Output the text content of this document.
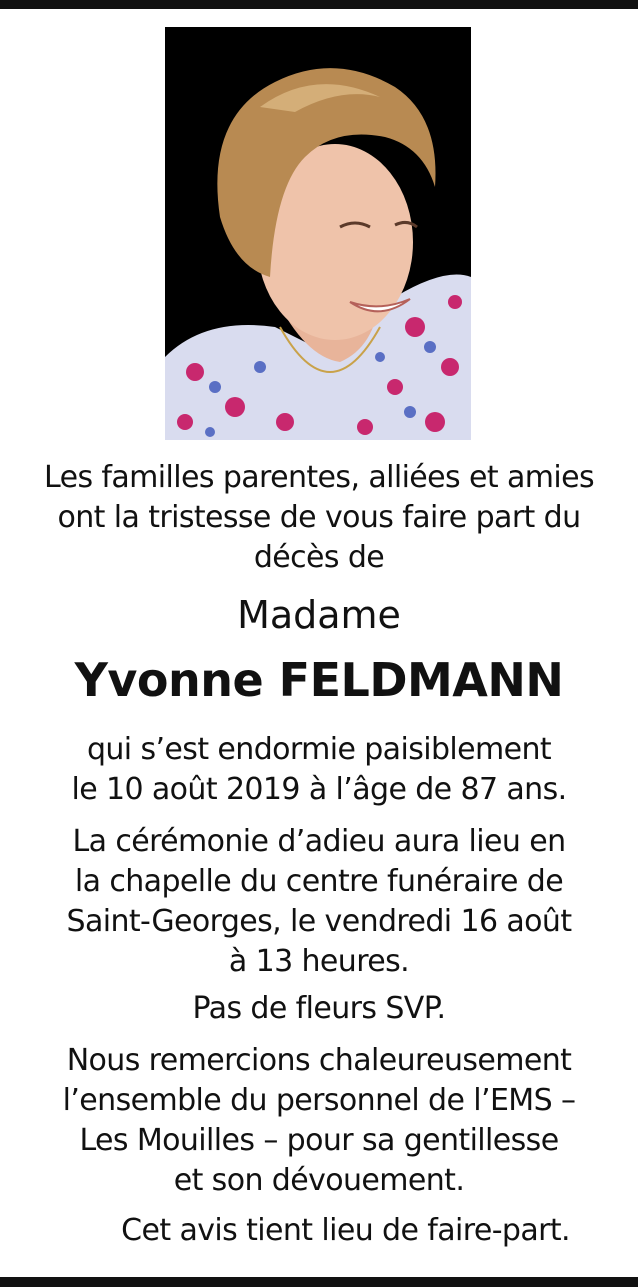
Les familles parentes, alliées et amies
ont la tristesse de vous faire part du
décès de
Madame
Yvonne FELDMANN
qui s’est endormie paisiblement
le 10 août 2019 à l’âge de 87 ans.
La cérémonie d’adieu aura lieu en
la chapelle du centre funéraire de
Saint-Georges, le vendredi 16 août
à 13 heures.
Pas de fleurs SVP.
Nous remercions chaleureusement
l’ensemble du personnel de l’EMS –
Les Mouilles – pour sa gentillesse
et son dévouement.
Cet avis tient lieu de faire-part.
